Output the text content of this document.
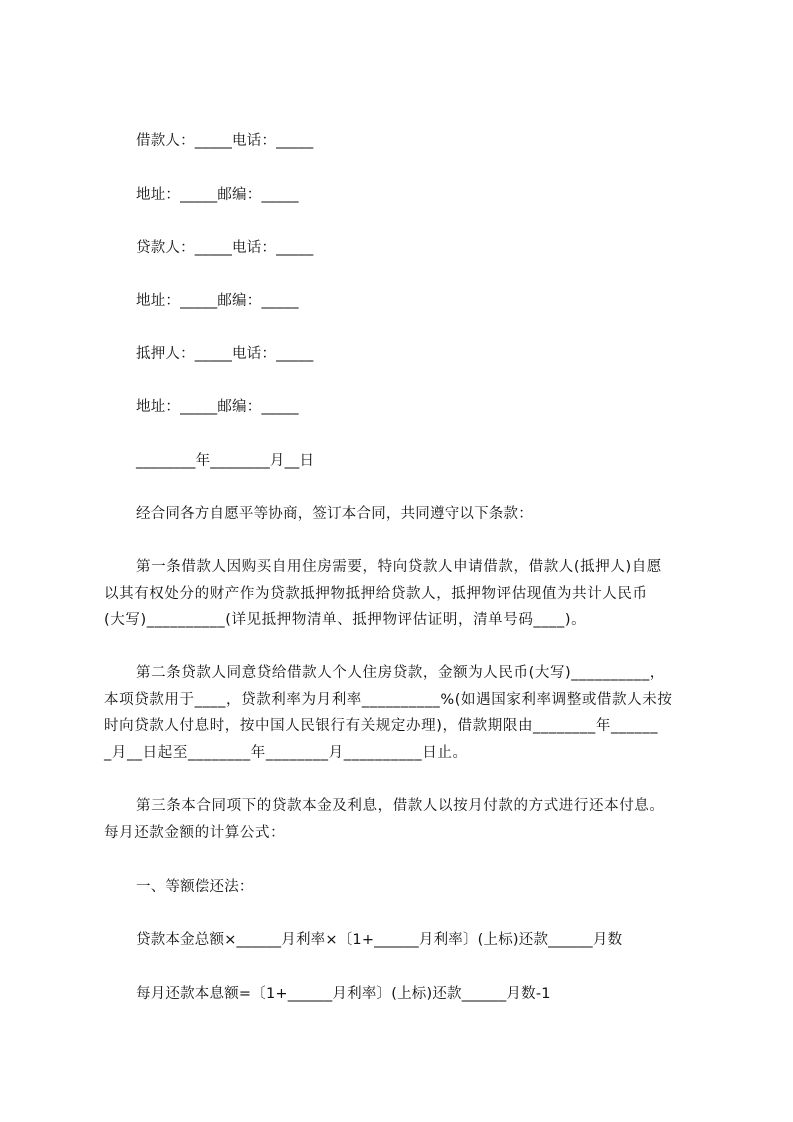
借款人：_____电话：_____
地址：_____邮编：_____
贷款人：_____电话：_____
地址：_____邮编：_____
抵押人：_____电话：_____
地址：_____邮编：_____
________年________月__日
经合同各方自愿平等协商，签订本合同，共同遵守以下条款：
第一条借款人因购买自用住房需要，特向贷款人申请借款，借款人(抵押人)自愿
以其有权处分的财产作为贷款抵押物抵押给贷款人，抵押物评估现值为共计人民币
(大写)__________(详见抵押物清单、抵押物评估证明，清单号码____)。
第二条贷款人同意贷给借款人个人住房贷款，金额为人民币(大写)__________，
本项贷款用于____，贷款利率为月利率__________%(如遇国家利率调整或借款人未按
时向贷款人付息时，按中国人民银行有关规定办理)，借款期限由________年______
_月__日起至________年________月__________日止。
第三条本合同项下的贷款本金及利息，借款人以按月付款的方式进行还本付息。
每月还款金额的计算公式：
一、等额偿还法：
贷款本金总额×______月利率×〔1+______月利率〕(上标)还款______月数
每月还款本息额=〔1+______月利率〕(上标)还款______月数-1
